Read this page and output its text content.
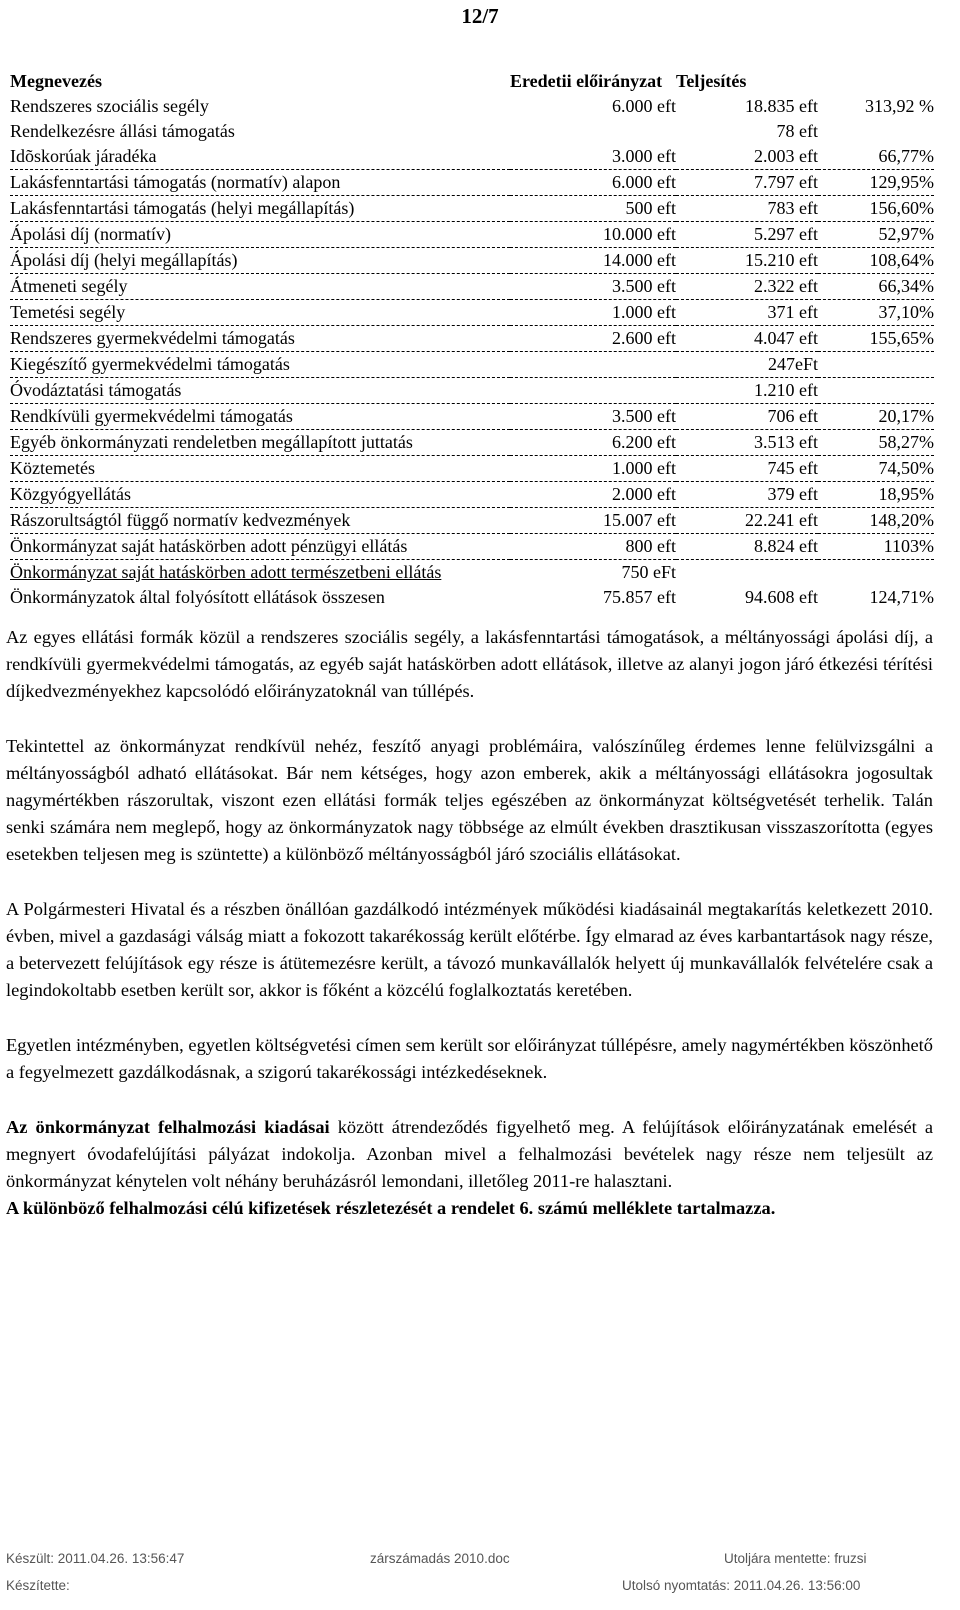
12/7
Megnevezés	Eredetii előirányzat	Teljesítés	
Rendszeres szociális segély	6.000 eft	18.835 eft	313,92 %
Rendelkezésre állási támogatás		78 eft	
Idõskorúak járadéka	3.000 eft	2.003 eft	66,77%
Lakásfenntartási támogatás (normatív) alapon	6.000 eft	7.797 eft	129,95%
Lakásfenntartási támogatás (helyi megállapítás)	500 eft	783 eft	156,60%
Ápolási díj (normatív)	10.000 eft	5.297 eft	52,97%
Ápolási díj (helyi megállapítás)	14.000 eft	15.210 eft	108,64%
Átmeneti segély	3.500 eft	2.322 eft	66,34%
Temetési segély	1.000 eft	371 eft	37,10%
Rendszeres gyermekvédelmi támogatás	2.600 eft	4.047 eft	155,65%
Kiegészítő gyermekvédelmi támogatás		247eFt	
Óvodáztatási támogatás		1.210 eft	
Rendkívüli gyermekvédelmi támogatás	3.500 eft	706 eft	20,17%
Egyéb önkormányzati rendeletben megállapított juttatás	6.200 eft	3.513 eft	58,27%
Köztemetés	1.000 eft	745 eft	74,50%
Közgyógyellátás	2.000 eft	379 eft	18,95%
Rászorultságtól függő normatív kedvezmények	15.007 eft	22.241 eft	148,20%
Önkormányzat saját hatáskörben adott pénzügyi ellátás	800 eft	8.824 eft	1103%
Önkormányzat saját hatáskörben adott természetbeni ellátás	750 eFt		
Önkormányzatok által folyósított ellátások összesen	75.857 eft	94.608 eft	124,71%

Az egyes ellátási formák közül a rendszeres szociális segély, a lakásfenntartási támogatások, a méltányossági ápolási díj, a rendkívüli gyermekvédelmi támogatás, az egyéb saját hatáskörben adott ellátások, illetve az alanyi jogon járó étkezési térítési díjkedvezményekhez kapcsolódó előirányzatoknál van túllépés.

Tekintettel az önkormányzat rendkívül nehéz, feszítő anyagi problémáira, valószínűleg érdemes lenne felülvizsgálni a méltányosságból adható ellátásokat. Bár nem kétséges, hogy azon emberek, akik a méltányossági ellátásokra jogosultak nagymértékben rászorultak, viszont ezen ellátási formák teljes egészében az önkormányzat költségvetését terhelik. Talán senki számára nem meglepő, hogy az önkormányzatok nagy többsége az elmúlt években drasztikusan visszaszorította (egyes esetekben teljesen meg is szüntette) a különböző méltányosságból járó szociális ellátásokat.

A Polgármesteri Hivatal és a részben önállóan gazdálkodó intézmények működési kiadásainál megtakarítás keletkezett 2010. évben, mivel a gazdasági válság miatt a fokozott takarékosság került előtérbe. Így elmarad az éves karbantartások nagy része, a betervezett felújítások egy része is átütemezésre került, a távozó munkavállalók helyett új munkavállalók felvételére csak a legindokoltabb esetben került sor, akkor is főként a közcélú foglalkoztatás keretében.

Egyetlen intézményben, egyetlen költségvetési címen sem került sor előirányzat túllépésre, amely nagymértékben köszönhető a fegyelmezett gazdálkodásnak, a szigorú takarékossági intézkedéseknek.

Az önkormányzat felhalmozási kiadásai között átrendeződés figyelhető meg. A felújítások előirányzatának emelését a megnyert óvodafelújítási pályázat indokolja. Azonban mivel a felhalmozási bevételek nagy része nem teljesült az önkormányzat kénytelen volt néhány beruházásról lemondani, illetőleg 2011-re halasztani.

A különböző felhalmozási célú kifizetések részletezését a rendelet 6. számú melléklete tartalmazza.

Készült: 2011.04.26. 13:56:47	zárszámadás 2010.doc	Utoljára mentette: fruzsi
Készítette:	Utolsó nyomtatás: 2011.04.26. 13:56:00
